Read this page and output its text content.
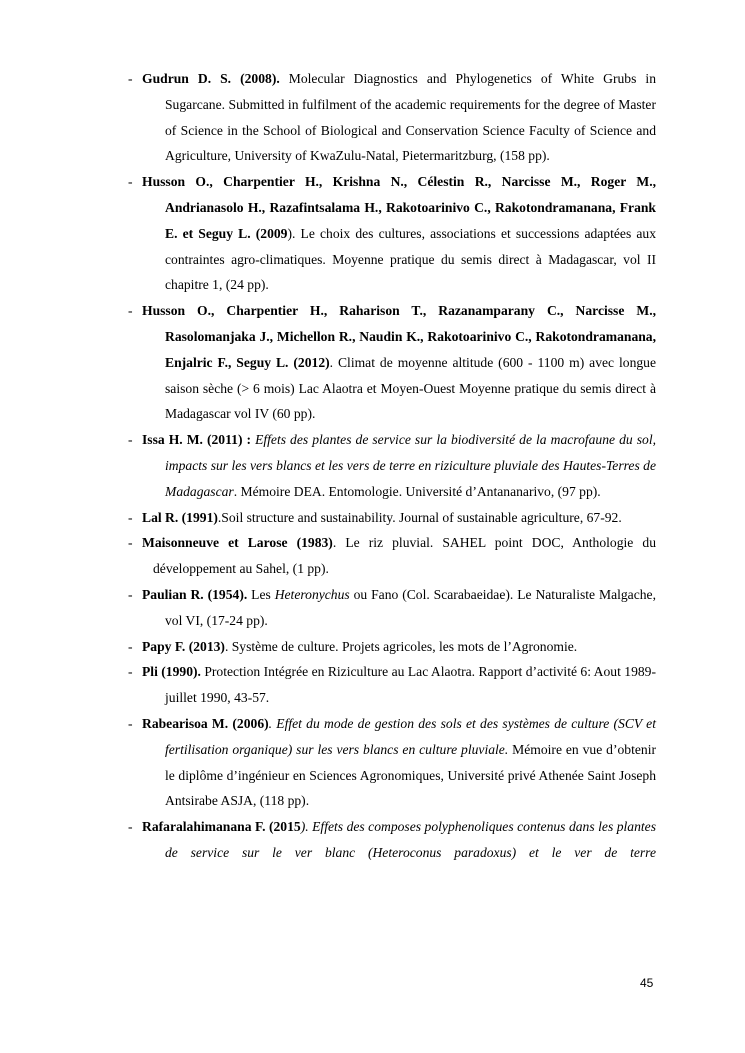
- Gudrun D. S. (2008). Molecular Diagnostics and Phylogenetics of White Grubs in Sugarcane. Submitted in fulfilment of the academic requirements for the degree of Master of Science in the School of Biological and Conservation Science Faculty of Science and Agriculture, University of KwaZulu-Natal, Pietermaritzburg, (158 pp).
- Husson O., Charpentier H., Krishna N., Célestin R., Narcisse M., Roger M., Andrianasolo H., Razafintsalama H., Rakotoarinivo C., Rakotondramanana, Frank E. et Seguy L. (2009). Le choix des cultures, associations et successions adaptées aux contraintes agro-climatiques. Moyenne pratique du semis direct à Madagascar, vol II chapitre 1, (24 pp).
- Husson O., Charpentier H., Raharison T., Razanamparany C., Narcisse M., Rasolomanjaka J., Michellon R., Naudin K., Rakotoarinivo C., Rakotondramanana, Enjalric F., Seguy L. (2012). Climat de moyenne altitude (600 - 1100 m) avec longue saison sèche (> 6 mois) Lac Alaotra et Moyen-Ouest Moyenne pratique du semis direct à Madagascar vol IV (60 pp).
- Issa H. M. (2011) : Effets des plantes de service sur la biodiversité de la macrofaune du sol, impacts sur les vers blancs et les vers de terre en riziculture pluviale des Hautes-Terres de Madagascar. Mémoire DEA. Entomologie. Université d’Antananarivo, (97 pp).
- Lal R. (1991).Soil structure and sustainability. Journal of sustainable agriculture, 67-92.
- Maisonneuve et Larose (1983). Le riz pluvial. SAHEL point DOC, Anthologie du développement au Sahel, (1 pp).
- Paulian R. (1954). Les Heteronychus ou Fano (Col. Scarabaeidae). Le Naturaliste Malgache, vol VI, (17-24 pp).
- Papy F. (2013). Système de culture. Projets agricoles, les mots de l’Agronomie.
- Pli (1990). Protection Intégrée en Riziculture au Lac Alaotra. Rapport d’activité 6: Aout 1989-juillet 1990, 43-57.
- Rabearisoa M. (2006). Effet du mode de gestion des sols et des systèmes de culture (SCV et fertilisation organique) sur les vers blancs en culture pluviale. Mémoire en vue d’obtenir le diplôme d’ingénieur en Sciences Agronomiques, Université privé Athenée Saint Joseph Antsirabe ASJA, (118 pp).
- Rafaralahimanana F. (2015). Effets des composes polyphenoliques contenus dans les plantes de service sur le ver blanc (Heteroconus paradoxus) et le ver de terre
45
